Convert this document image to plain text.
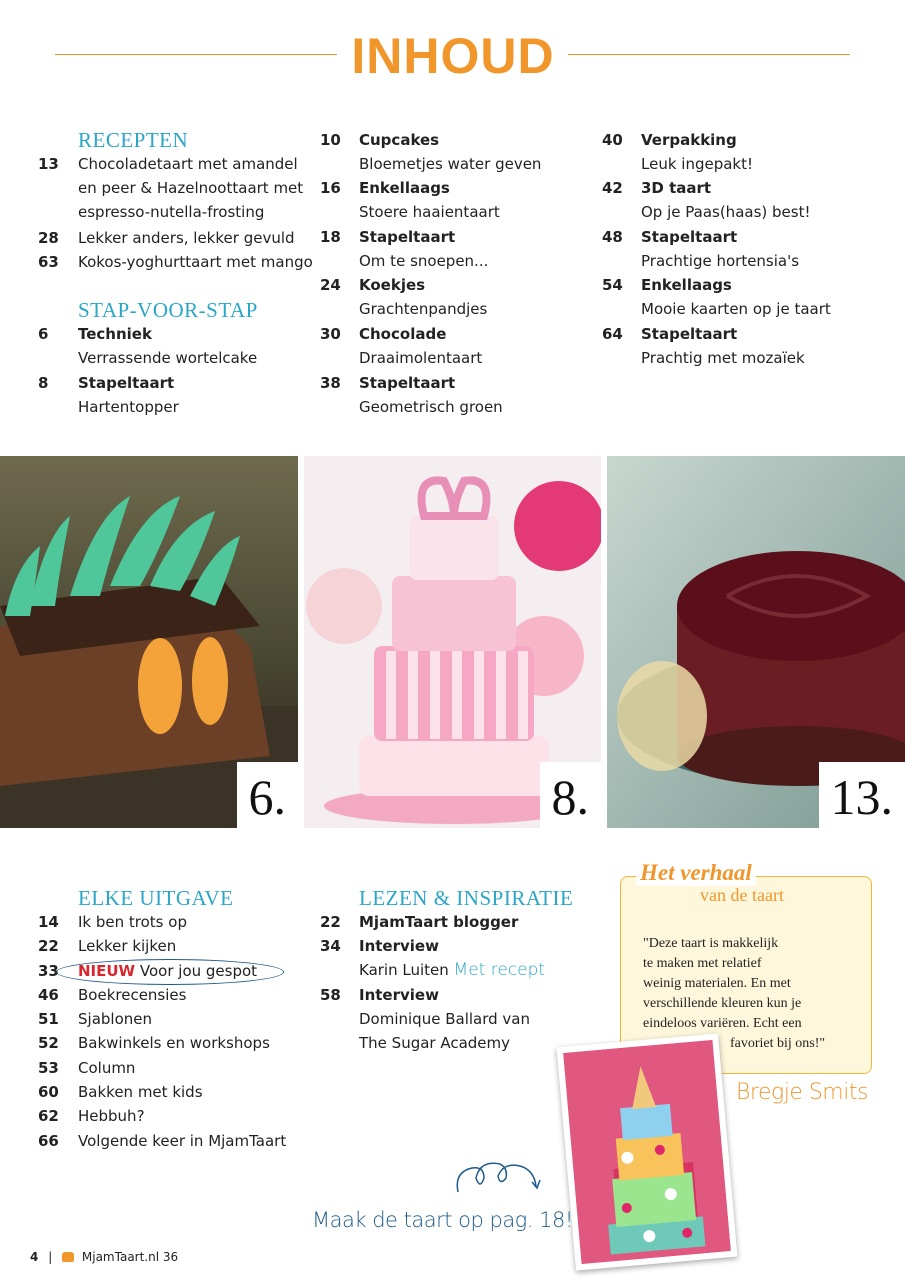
INHOUD
RECEPTEN
13 Chocoladetaart met amandel
en peer & Hazelnoottaart met
espresso-nutella-frosting
28 Lekker anders, lekker gevuld
63 Kokos-yoghurttaart met mango
STAP-VOOR-STAP
6 Techniek
Verrassende wortelcake
8 Stapeltaart
Hartentopper
10 Cupcakes
Bloemetjes water geven
16 Enkellaags
Stoere haaientaart
18 Stapeltaart
Om te snoepen...
24 Koekjes
Grachtenpandjes
30 Chocolade
Draaimolentaart
38 Stapeltaart
Geometrisch groen
40 Verpakking
Leuk ingepakt!
42 3D taart
Op je Paas(haas) best!
48 Stapeltaart
Prachtige hortensia's
54 Enkellaags
Mooie kaarten op je taart
64 Stapeltaart
Prachtig met mozaïek
6.	8.	13.
ELKE UITGAVE
14 Ik ben trots op
22 Lekker kijken
33 NIEUW Voor jou gespot
46 Boekrecensies
51 Sjablonen
52 Bakwinkels en workshops
53 Column
60 Bakken met kids
62 Hebbuh?
66 Volgende keer in MjamTaart
LEZEN & INSPIRATIE
22 MjamTaart blogger
34 Interview
Karin Luiten Met recept
58 Interview
Dominique Ballard van
The Sugar Academy
Het verhaal
van de taart
"Deze taart is makkelijk
te maken met relatief
weinig materialen. En met
verschillende kleuren kun je
eindeloos variëren. Echt een
favoriet bij ons!"
Bregje Smits
Maak de taart op pag. 18!
4 | MjamTaart.nl 36
